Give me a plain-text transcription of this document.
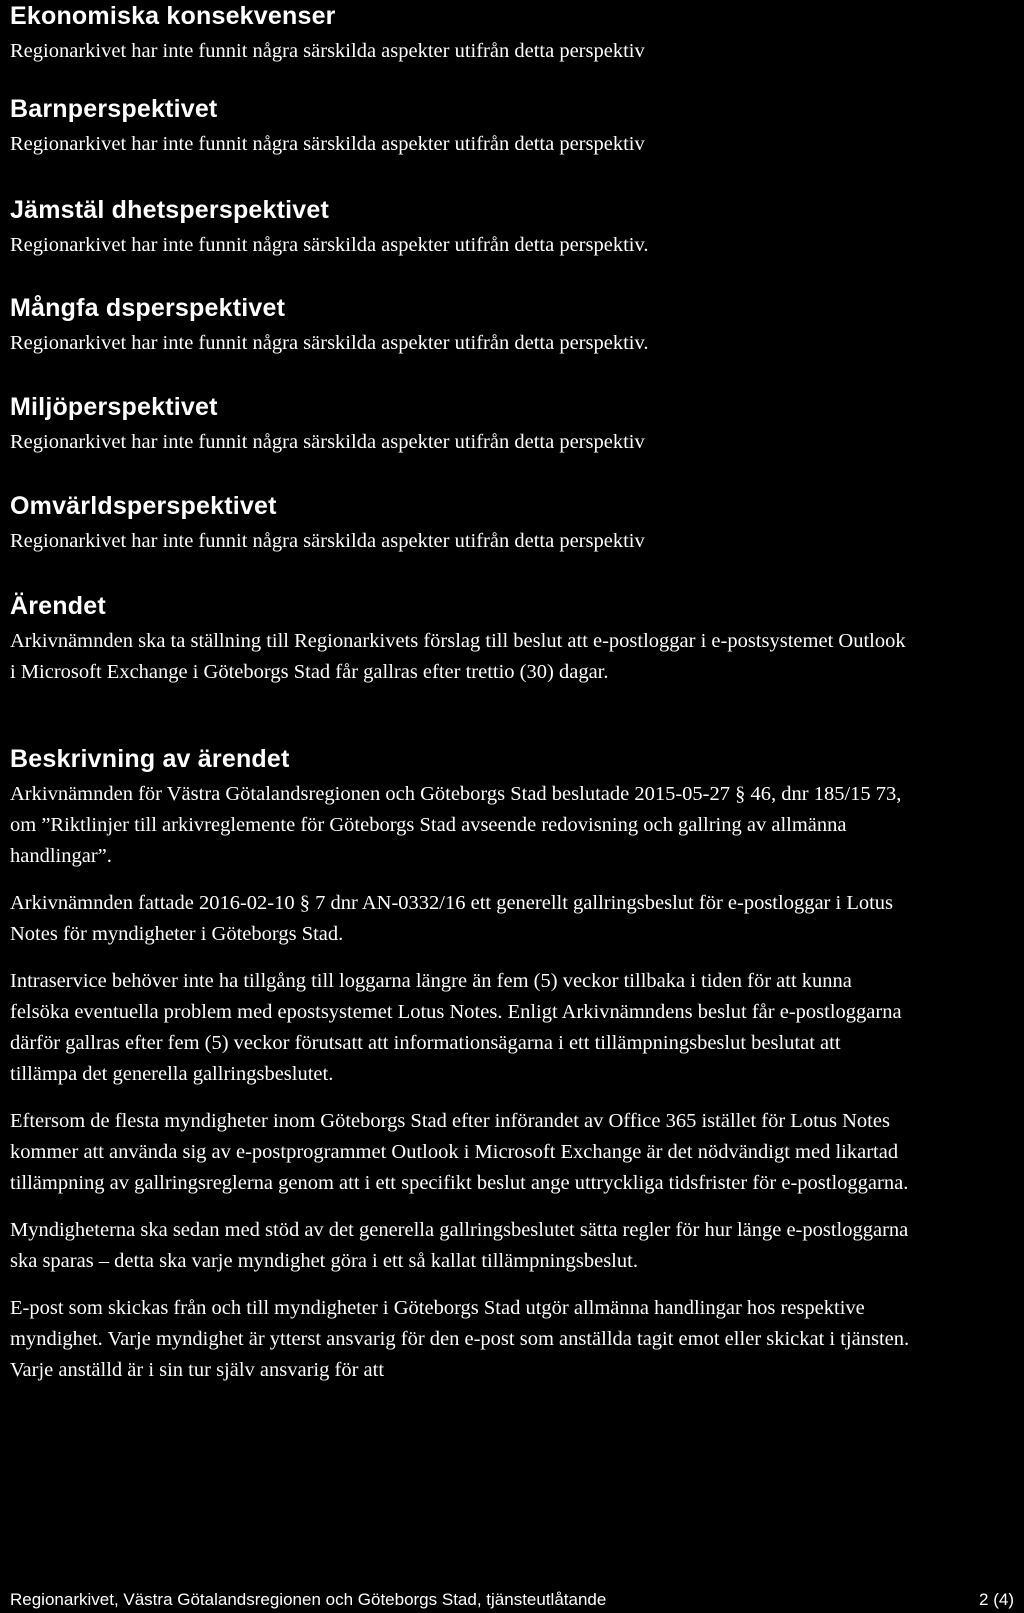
Ekonomiska konsekvenser

Regionarkivet har inte funnit några särskilda aspekter utifrån detta perspektiv

Barnperspektivet

Regionarkivet har inte funnit några särskilda aspekter utifrån detta perspektiv

Jämstäl dhetsperspektivet

Regionarkivet har inte funnit några särskilda aspekter utifrån detta perspektiv.

Mångfa dsperspektivet

Regionarkivet har inte funnit några särskilda aspekter utifrån detta perspektiv.

Miljöperspektivet

Regionarkivet har inte funnit några särskilda aspekter utifrån detta perspektiv

Omvärldsperspektivet

Regionarkivet har inte funnit några särskilda aspekter utifrån detta perspektiv

Ärendet

Arkivnämnden ska ta ställning till Regionarkivets förslag till beslut att e-postloggar i e-postsystemet Outlook i Microsoft Exchange i Göteborgs Stad får gallras efter trettio (30) dagar.

Beskrivning av ärendet

Arkivnämnden för Västra Götalandsregionen och Göteborgs Stad beslutade 2015-05-27 § 46, dnr 185/15 73, om ”Riktlinjer till arkivreglemente för Göteborgs Stad avseende redovisning och gallring av allmänna handlingar”.

Arkivnämnden fattade 2016-02-10 § 7 dnr AN-0332/16 ett generellt gallringsbeslut för e-postloggar i Lotus Notes för myndigheter i Göteborgs Stad.

Intraservice behöver inte ha tillgång till loggarna längre än fem (5) veckor tillbaka i tiden för att kunna felsöka eventuella problem med epostsystemet Lotus Notes. Enligt Arkivnämndens beslut får e-postloggarna därför gallras efter fem (5) veckor förutsatt att informationsägarna i ett tillämpningsbeslut beslutat att tillämpa det generella gallringsbeslutet.

Eftersom de flesta myndigheter inom Göteborgs Stad efter införandet av Office 365 istället för Lotus Notes kommer att använda sig av e-postprogrammet Outlook i Microsoft Exchange är det nödvändigt med likartad tillämpning av gallringsreglerna genom att i ett specifikt beslut ange uttryckliga tidsfrister för e-postloggarna.

Myndigheterna ska sedan med stöd av det generella gallringsbeslutet sätta regler för hur länge e-postloggarna ska sparas – detta ska varje myndighet göra i ett så kallat tillämpningsbeslut.

E-post som skickas från och till myndigheter i Göteborgs Stad utgör allmänna handlingar hos respektive myndighet. Varje myndighet är ytterst ansvarig för den e-post som anställda tagit emot eller skickat i tjänsten. Varje anställd är i sin tur själv ansvarig för att

Regionarkivet, Västra Götalandsregionen och Göteborgs Stad, tjänsteutlåtande	2 (4)
